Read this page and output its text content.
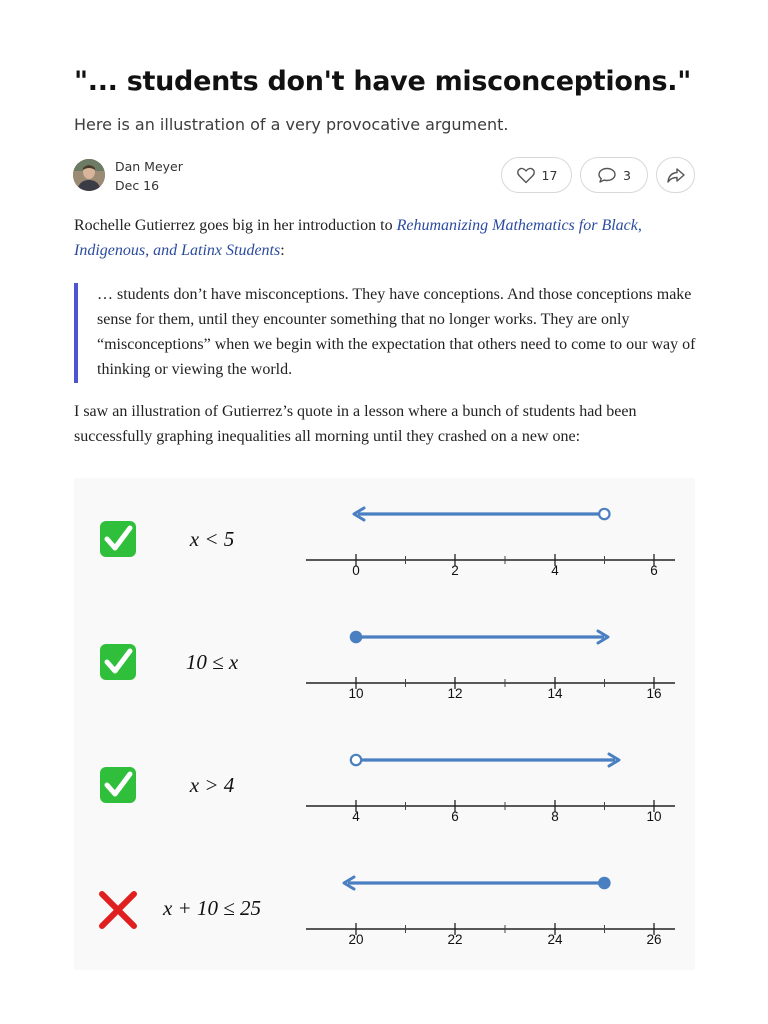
"... students don't have misconceptions."

Here is an illustration of a very provocative argument.

Dan Meyer
Dec 16
17	3

Rochelle Gutierrez goes big in her introduction to Rehumanizing Mathematics for Black, Indigenous, and Latinx Students:

… students don’t have misconceptions. They have conceptions. And those conceptions make sense for them, until they encounter something that no longer works. They are only “misconceptions” when we begin with the expectation that others need to come to our way of thinking or viewing the world.

I saw an illustration of Gutierrez’s quote in a lesson where a bunch of students had been successfully graphing inequalities all morning until they crashed on a new one:

x < 5
0	2	4	6
10 ≤ x
10	12	14	16
x > 4
4	6	8	10
x + 10 ≤ 25
20	22	24	26
